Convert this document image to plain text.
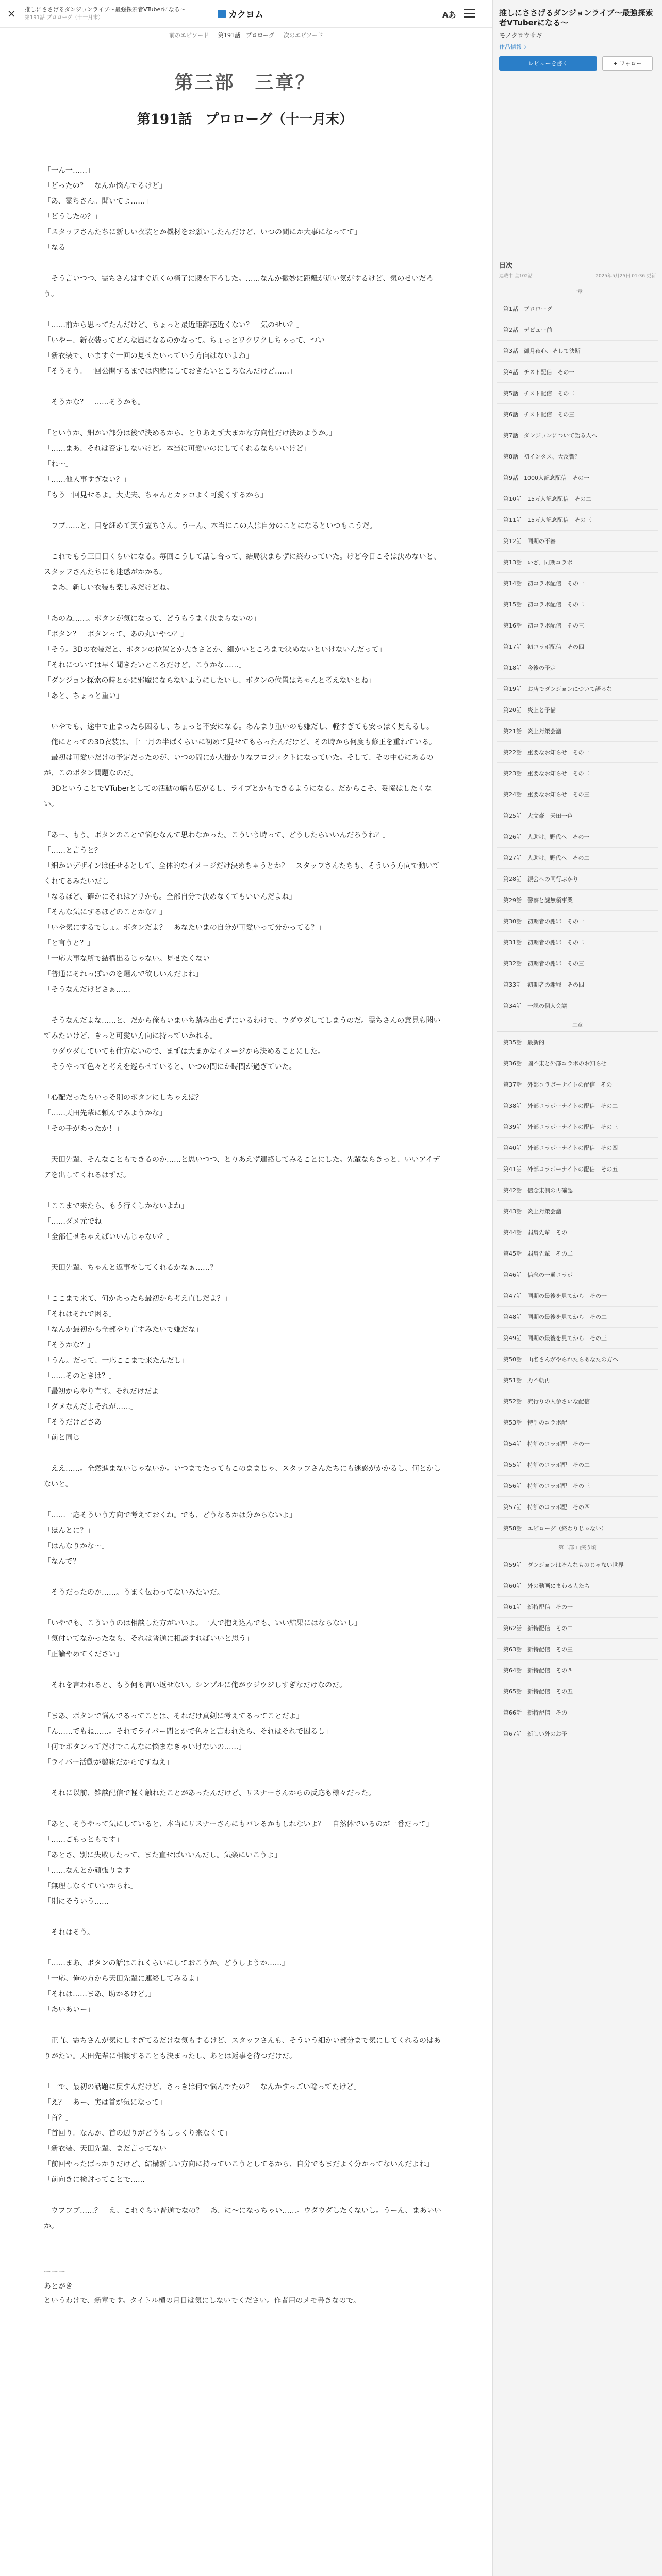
✕	推しにささげるダンジョンライブ〜最強探索者VTuberになる〜
第191話 プロローグ（十一月末）	カクヨム	Aあ
前のエピソード 第191話　プロローグ 次のエピソード
第三部　三章？
第191話　プロローグ（十一月末）

「一ん一……」

「どったの？　なんか悩んでるけど」

「あ、霊ちさん。聞いてよ……」

「どうしたの？」

「スタッフさんたちに新しい衣装とか機材をお願いしたんだけど、いつの間にか大事になってて」

「なる」

　そう言いつつ、霊ちさんはすぐ近くの椅子に腰を下ろした。……なんか微妙に距離が近い気がするけど、気のせいだろう。

「……前から思ってたんだけど、ちょっと最近距離感近くない？　気のせい？」

「いやー、新衣装ってどんな風になるのかなって。ちょっとワクワクしちゃって、つい」

「新衣装で、いますぐ一回の見せたいっていう方向はないよね」

「そうそう。一回公開するまでは内緒にしておきたいところなんだけど……」

　そうかな？　……そうかも。

「というか、細かい部分は後で決めるから、とりあえず大まかな方向性だけ決めようか。」

「……まあ、それは否定しないけど。本当に可愛いのにしてくれるならいいけど」

「ね～」

「……他人事すぎない？」

「もう一回見せるよ。大丈夫、ちゃんとカッコよく可愛くするから」

　フブ……と、目を細めて笑う霊ちさん。うーん、本当にこの人は自分のことになるといつもこうだ。

　これでもう三日目くらいになる。毎回こうして話し合って、結局決まらずに終わっていた。けど今日こそは決めないと、スタッフさんたちにも迷惑がかかる。

　まあ、新しい衣装も楽しみだけどね。

「あのね……。ボタンが気になって、どうもうまく決まらないの」

「ボタン？　ボタンって、あの丸いやつ？」

「そう。3Dの衣装だと、ボタンの位置とか大きさとか、細かいところまで決めないといけないんだって」

「それについては早く聞きたいところだけど、こうかな……」

「ダンジョン探索の時とかに邪魔にならないようにしたいし、ボタンの位置はちゃんと考えないとね」

「あと、ちょっと重い」

　いやでも、途中で止まったら困るし、ちょっと不安になる。あんまり重いのも嫌だし、軽すぎても安っぽく見えるし。

　俺にとっての3D衣装は、十一月の半ばくらいに初めて見せてもらったんだけど、その時から何度も修正を重ねている。

　最初は可愛いだけの予定だったのが、いつの間にか大掛かりなプロジェクトになっていた。そして、その中心にあるのが、このボタン問題なのだ。

　3DということでVTuberとしての活動の幅も広がるし、ライブとかもできるようになる。だからこそ、妥協はしたくない。

「あー、もう。ボタンのことで悩むなんて思わなかった。こういう時って、どうしたらいいんだろうね？」

「……と言うと？」

「細かいデザインは任せるとして、全体的なイメージだけ決めちゃうとか？　スタッフさんたちも、そういう方向で動いてくれてるみたいだし」

「なるほど、確かにそれはアリかも。全部自分で決めなくてもいいんだよね」

「そんな気にするほどのことかな？」

「いや気にするでしょ。ボタンだよ？　あなたいまの自分が可愛いって分かってる？」

「と言うと？」

「一応大事な所で結構出るじゃない。見せたくない」

「普通にそれっぽいのを選んで欲しいんだよね」

「そうなんだけどさぁ……」

　そうなんだよな……と、だから俺もいまいち踏み出せずにいるわけで、ウダウダしてしまうのだ。霊ちさんの意見も聞いてみたいけど、きっと可愛い方向に持っていかれる。

　ウダウダしていても仕方ないので、まずは大まかなイメージから決めることにした。

　そうやって色々と考えを巡らせていると、いつの間にか時間が過ぎていた。

「心配だったらいっそ別のボタンにしちゃえば？」

「……天田先輩に頼んでみようかな」

「その手があったか！」

　天田先輩、そんなこともできるのか……と思いつつ、とりあえず連絡してみることにした。先輩ならきっと、いいアイデアを出してくれるはずだ。

「ここまで来たら、もう行くしかないよね」

「……ダメ元でね」

「全部任せちゃえばいいんじゃない？」

　天田先輩、ちゃんと返事をしてくれるかなぁ……？

「ここまで来て、何かあったら最初から考え直しだよ？」

「それはそれで困る」

「なんか最初から全部やり直すみたいで嫌だな」

「そうかな？」

「うん。だって、一応ここまで来たんだし」

「……そのときは？」

「最初からやり直す。それだけだよ」

「ダメなんだよそれが……」

「そうだけどさあ」

「前と同じ」

　ええ……。全然進まないじゃないか。いつまでたってもこのままじゃ、スタッフさんたちにも迷惑がかかるし、何とかしないと。

「……一応そういう方向で考えておくね。でも、どうなるかは分からないよ」

「ほんとに？」

「はんなりかな～」

「なんで？」

　そうだったのか……。うまく伝わってないみたいだ。

「いやでも、こういうのは相談した方がいいよ。一人で抱え込んでも、いい結果にはならないし」

「気付いてなかったなら、それは普通に相談すればいいと思う」

「正論やめてください」

　それを言われると、もう何も言い返せない。シンプルに俺がウジウジしすぎなだけなのだ。

「まあ、ボタンで悩んでるってことは、それだけ真剣に考えてるってことだよ」

「ん……でもね……。それでライバー間とかで色々と言われたら、それはそれで困るし」

「何でボタンってだけでこんなに悩まなきゃいけないの……」

「ライバー活動が趣味だからですねえ」

　それに以前、雑談配信で軽く触れたことがあったんだけど、リスナーさんからの反応も様々だった。

「あと、そうやって気にしていると、本当にリスナーさんにもバレるかもしれないよ？　自然体でいるのが一番だって」

「……ごもっともです」

「あとさ、別に失敗したって、また直せばいいんだし。気楽にいこうよ」

「……なんとか頑張ります」

「無理しなくていいからね」

「別にそういう……」

　それはそう。

「……まあ、ボタンの話はこれくらいにしておこうか。どうしようか……」

「一応、俺の方から天田先輩に連絡してみるよ」

「それは……まあ、助かるけど。」

「あいあいー」

　正直、霊ちさんが気にしすぎてるだけな気もするけど、スタッフさんも、そういう細かい部分まで気にしてくれるのはありがたい。天田先輩に相談することも決まったし、あとは返事を待つだけだ。

「一で、最初の話題に戻すんだけど、さっきは何で悩んでたの？　なんかすっごい唸ってたけど」

「え？　あー、実は首が気になって」

「首？」

「首回り。なんか、首の辺りがどうもしっくり来なくて」

「新衣装、天田先輩、まだ言ってない」

「前回やったばっかりだけど、結構新しい方向に持っていこうとしてるから、自分でもまだよく分かってないんだよね」

「前向きに検討ってことで……」

　ウプフプ……？　え、これぐらい普通でなの？　あ、に～になっちゃい……。ウダウダしたくないし。うーん、まあいいか。

ーーー
あとがき

というわけで、新章です。タイトル横の月日は気にしないでください。作者用のメモ書きなので。

推しにささげるダンジョンライブ〜最強探索者VTuberになる〜
モノクロウサギ
作品情報 〉
レビューを書く	+ フォロー
目次
連載中 全102話	2025年5月25日 01:36 更新
一章
第1話　プロローグ
第2話　デビュー前
第3話　御月夜心、そして決断
第4話　チスト配信　その一
第5話　チスト配信　その二
第6話　チスト配信　その三
第7話　ダンジョンについて語る人へ
第8話　初インタス、大反響？
第9話　1000人記念配信　その一
第10話　15万人記念配信　その二
第11話　15万人記念配信　その三
第12話　同期の不審
第13話　いざ、同期コラボ
第14話　初コラボ配信　その一
第15話　初コラボ配信　その二
第16話　初コラボ配信　その三
第17話　初コラボ配信　その四
第18話　今後の予定
第19話　お店でダンジョンについて語るな
第20話　炎上と予備
第21話　炎上対策会議
第22話　重要なお知らせ　その一
第23話　重要なお知らせ　その二
第24話　重要なお知らせ　その三
第25話　大文豪　天田一色
第26話　人助け、野代へ　その一
第27話　人助け、野代へ　その二
第28話　親会への同行ぶかり
第29話　警察と謎無領事業
第30話　初期者の謝罪　その一
第31話　初期者の謝罪　その二
第32話　初期者の謝罪　その三
第33話　初期者の謝罪　その四
第34話　一課の個人会議
二章
第35話　最新的
第36話　圖不東と外部コラボのお知らせ
第37話　外部コラボーナイトの配信　その一
第38話　外部コラボーナイトの配信　その二
第39話　外部コラボーナイトの配信　その三
第40話　外部コラボーナイトの配信　その四
第41話　外部コラボーナイトの配信　その五
第42話　信念東側の再確認
第43話　炎上対策会議
第44話　弱肩先輩　その一
第45話　弱肩先輩　その二
第46話　信念の一通コラボ
第47話　同期の最後を見てから　その一
第48話　同期の最後を見てから　その二
第49話　同期の最後を見てから　その三
第50話　山名さんがやられたらあなたの方へ
第51話　力不軌再
第52話　流行りの人参さいな配信
第53話　特訓のコラボ配
第54話　特訓のコラボ配　その一
第55話　特訓のコラボ配　その二
第56話　特訓のコラボ配　その三
第57話　特訓のコラボ配　その四
第58話　エピローグ（終わりじゃない）
第二部 山笑う頃
第59話　ダンジョンはそんなものじゃない世界
第60話　外の動画にまわる人たち
第61話　新特配信　その一
第62話　新特配信　その二
第63話　新特配信　その三
第64話　新特配信　その四
第65話　新特配信　その五
第66話　新特配信　その
第67話　新しい外のお予
